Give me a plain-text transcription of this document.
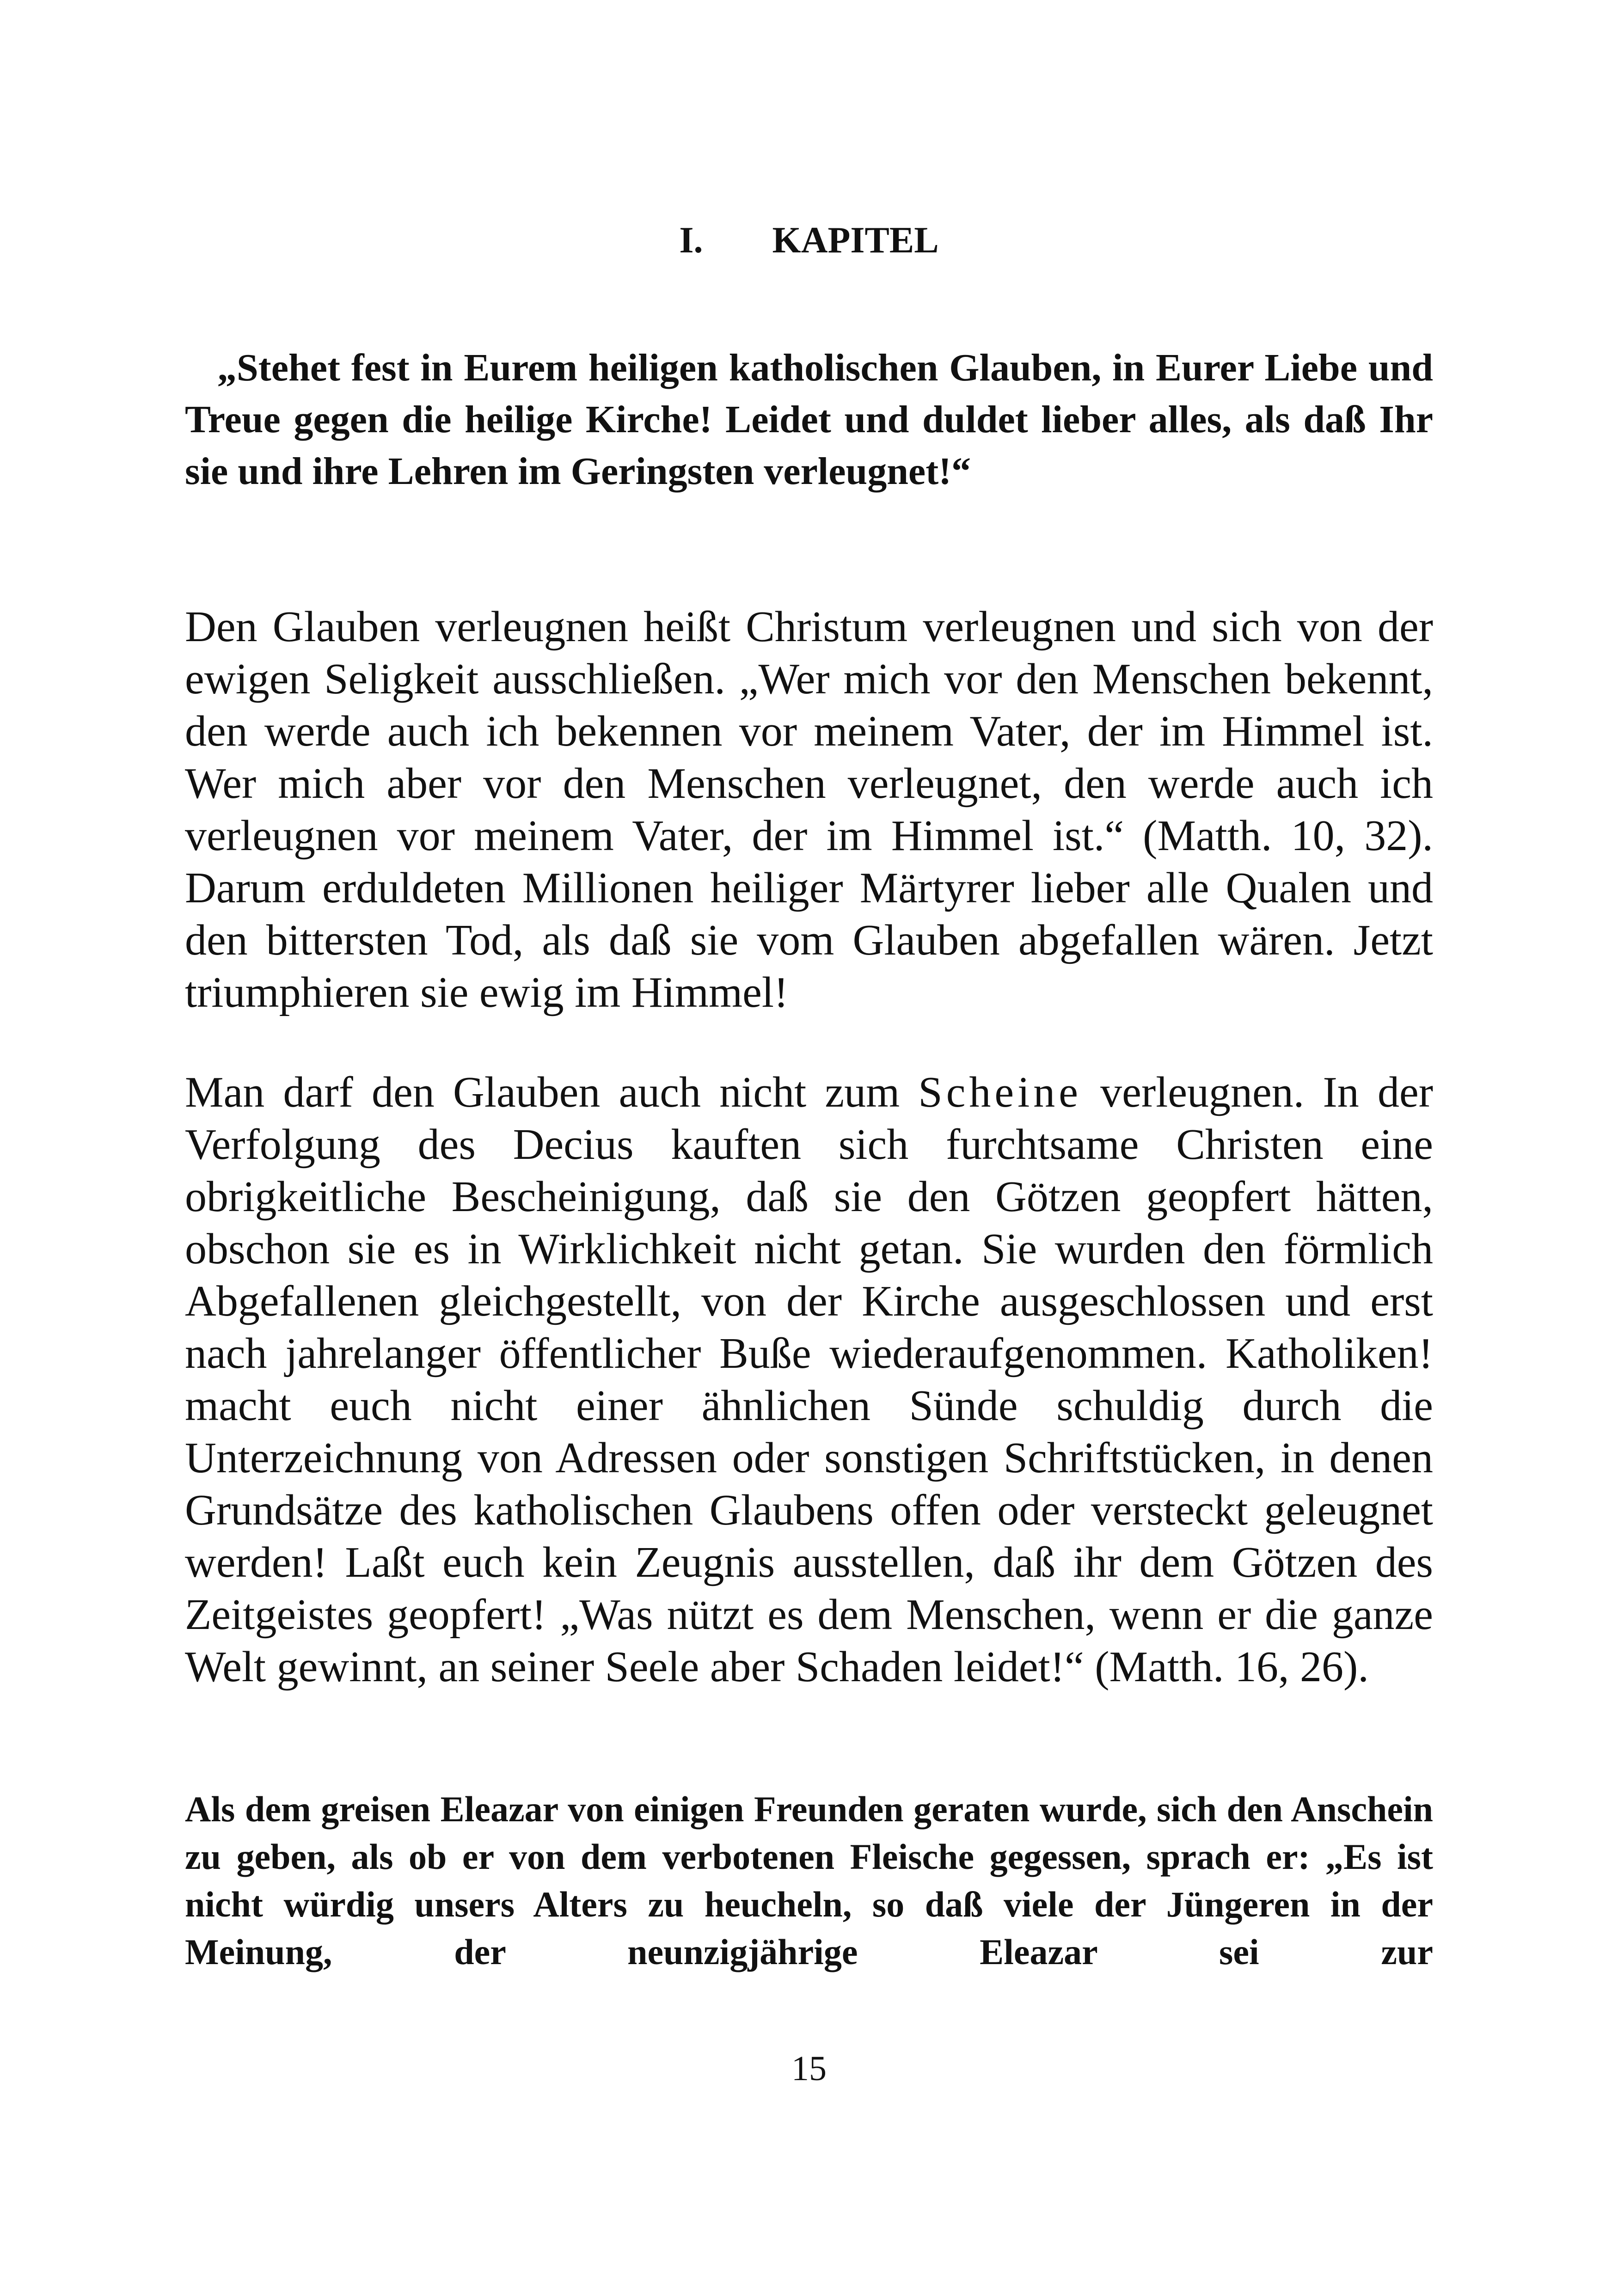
I. KAPITEL

„Stehet fest in Eurem heiligen katholischen Glauben, in Eurer Liebe und Treue gegen die heilige Kirche! Leidet und duldet lieber alles, als daß Ihr sie und ihre Lehren im Geringsten verleugnet!“

Den Glauben verleugnen heißt Christum verleugnen und sich von der ewigen Seligkeit ausschließen. „Wer mich vor den Menschen bekennt, den werde auch ich bekennen vor meinem Vater, der im Himmel ist. Wer mich aber vor den Menschen verleugnet, den werde auch ich verleugnen vor meinem Vater, der im Himmel ist.“ (Matth. 10, 32). Darum erduldeten Millionen heiliger Märtyrer lieber alle Qualen und den bittersten Tod, als daß sie vom Glauben abgefallen wären. Jetzt triumphieren sie ewig im Himmel!

Man darf den Glauben auch nicht zum Scheine verleugnen. In der Verfolgung des Decius kauften sich furchtsame Christen eine obrigkeitliche Bescheinigung, daß sie den Götzen geopfert hätten, obschon sie es in Wirklichkeit nicht getan. Sie wurden den förmlich Abgefallenen gleichgestellt, von der Kirche ausgeschlossen und erst nach jahrelanger öffentlicher Buße wiederaufgenommen. Katholiken! macht euch nicht einer ähnlichen Sünde schuldig durch die Unterzeichnung von Adressen oder sonstigen Schriftstücken, in denen Grundsätze des katholischen Glaubens offen oder versteckt geleugnet werden! Laßt euch kein Zeugnis ausstellen, daß ihr dem Götzen des Zeitgeistes geopfert! „Was nützt es dem Menschen, wenn er die ganze Welt gewinnt, an seiner Seele aber Schaden leidet!“ (Matth. 16, 26).

Als dem greisen Eleazar von einigen Freunden geraten wurde, sich den Anschein zu geben, als ob er von dem verbotenen Fleische gegessen, sprach er: „Es ist nicht würdig unsers Alters zu heucheln, so daß viele der Jüngeren in der Meinung, der neunzigjährige Eleazar sei zur

15
